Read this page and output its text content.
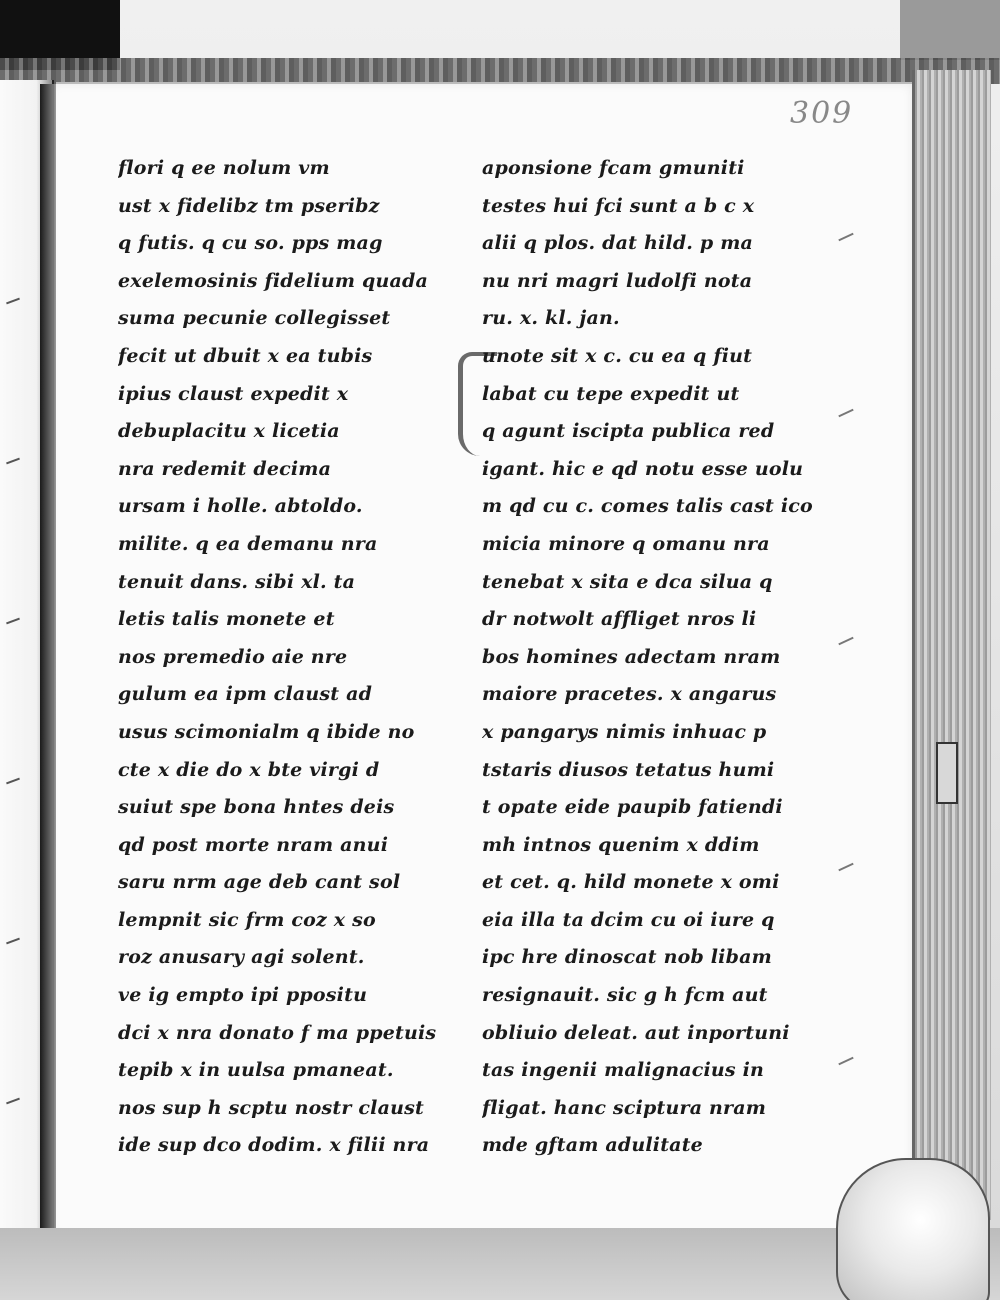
309
flori q ee nolum vm
ust x fidelibz tm pseribz
q futis. q cu so. pps mag
exelemosinis fidelium quada
suma pecunie collegisset
fecit ut dbuit x ea tubis
ipius claust expedit x
debuplacitu x licetia
nra redemit decima
ursam i holle. abtoldo.
milite. q ea demanu nra
tenuit dans. sibi xl. ta
letis talis monete et
nos premedio aie nre
gulum ea ipm claust ad
usus scimonialm q ibide no
cte x die do x bte virgi d
suiut spe bona hntes deis
qd post morte nram anui
saru nrm age deb cant sol
lempnit sic frm coz x so
roz anusary agi solent.
ve ig empto ipi ppositu
dci x nra donato f ma ppetuis
tepib x in uulsa pmaneat.
nos sup h scptu nostr claust
ide sup dco dodim. x filii nra
aponsione fcam gmuniti
testes hui fci sunt a b c x
alii q plos. dat hild. p ma
nu nri magri ludolfi nota
ru. x. kl. jan.
unote sit x c. cu ea q fiut
labat cu tepe expedit ut
q agunt iscipta publica red
igant. hic e qd notu esse uolu
m qd cu c. comes talis cast ico
micia minore q omanu nra
tenebat x sita e dca silua q
dr notwolt affliget nros li
bos homines adectam nram
maiore pracetes. x angarus
x pangarys nimis inhuac p
tstaris diusos tetatus humi
t opate eide paupib fatiendi
mh intnos quenim x ddim
et cet. q. hild monete x omi
eia illa ta dcim cu oi iure q
ipc hre dinoscat nob libam
resignauit. sic g h fcm aut
obliuio deleat. aut inportuni
tas ingenii malignacius in
fligat. hanc sciptura nram
mde gftam adulitate
